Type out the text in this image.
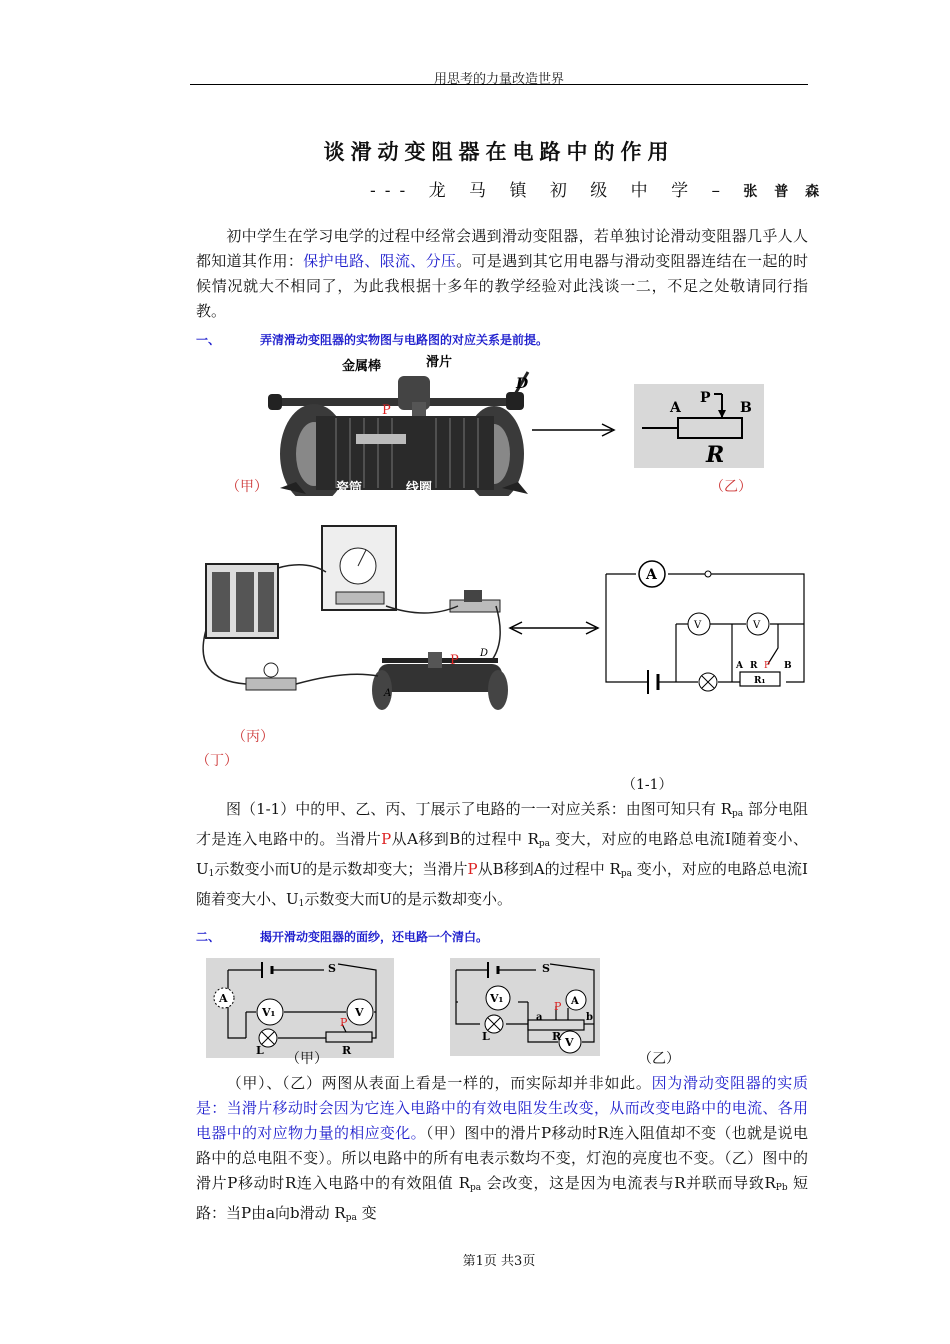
用思考的力量改造世界
谈滑动变阻器在电路中的作用
--- 龙 马 镇 初 级 中 学 – 张 普 森
初中学生在学习电学的过程中经常会遇到滑动变阻器，若单独讨论滑动变阻器几乎人人都知道其作用：保护电路、限流、分压。可是遇到其它用电器与滑动变阻器连结在一起的时候情况就大不相同了，为此我根据十多年的教学经验对此浅谈一二，不足之处敬请同行指教。
一、	弄清滑动变阻器的实物图与电路图的对应关系是前提。
金属棒	滑片
D
P
瓷筒	线圈
（甲）
A
P
B
R
（乙）
P D
A
A
V	V
A R P B
R₁
（丙）
（丁）
（1-1）
图（1-1）中的甲、乙、丙、丁展示了电路的一一对应关系：由图可知只有 $R_{pa}$ 部分电阻才是连入电路中的。当滑片P从A移到B的过程中 $R_{pa}$ 变大，对应的电路总电流I随着变小、$U_1$示数变小而U的是示数却变大；当滑片P从B移到A的过程中 $R_{pa}$ 变小，对应的电路总电流I随着变大小、$U_1$示数变大而U的是示数却变小。
二、	揭开滑动变阻器的面纱，还电路一个清白。
S
A
V₁	V
L
P
R
（甲）
S
V₁	A
L	V
P
a	b
R
（乙）
（甲）、（乙）两图从表面上看是一样的，而实际却并非如此。因为滑动变阻器的实质是：当滑片移动时会因为它连入电路中的有效电阻发生改变，从而改变电路中的电流、各用电器中的对应物力量的相应变化。（甲）图中的滑片P移动时R连入阻值却不变（也就是说电路中的总电阻不变）。所以电路中的所有电表示数均不变，灯泡的亮度也不变。（乙）图中的滑片P移动时R连入电路中的有效阻值 $R_{pa}$ 会改变，这是因为电流表与R并联而导致$R_{Pb}$ 短路：当P由a向b滑动 $R_{pa}$ 变
第1页 共3页
